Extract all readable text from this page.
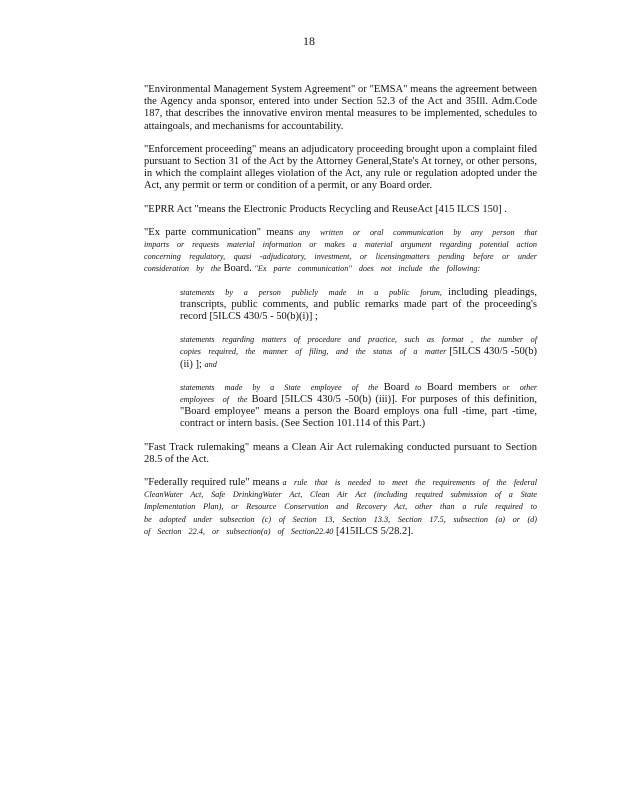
18

"Environmental Management System Agreement" or "EMSA" means the agreement between the Agency anda sponsor, entered into under Section 52.3 of the Act and 35Ill. Adm.Code 187, that describes the innovative environ mental measures to be implemented, schedules to attaingoals, and mechanisms for accountability.

"Enforcement proceeding" means an adjudicatory proceeding brought upon a complaint filed pursuant to Section 31 of the Act by the Attorney General,State's At torney, or other persons, in which the complaint alleges violation of the Act, any rule or regulation adopted under the Act, any permit or term or condition of a permit, or any Board order.

"EPRR Act "means the Electronic Products Recycling and ReuseAct [415 ILCS 150] .

"Ex parte communication" means any written or oral communication by any person that imparts or requests material information or makes a material argument regarding potential action concerning regulatory, quasi -adjudicatory, investment, or licensingmatters pending before or under consideration by the Board. "Ex parte communication" does not include the following:

statements by a person publicly made in a public forum, including pleadings, transcripts, public comments, and public remarks made part of the proceeding's record [5ILCS 430/5 - 50(b)(i)] ;

statements regarding matters of procedure and practice, such as format , the number of copies required, the manner of filing, and the status of a matter [5ILCS 430/5 -50(b)(ii) ]; and

statements made by a State employee of the Board to Board members or other employees of the Board [5ILCS 430/5 -50(b) (iii)]. For purposes of this definition, "Board employee" means a person the Board employs ona full -time, part -time, contract or intern basis. (See Section 101.114 of this Part.)

"Fast Track rulemaking" means a Clean Air Act rulemaking conducted pursuant to Section 28.5 of the Act.

"Federally required rule" means a rule that is needed to meet the requirements of the federal CleanWater Act, Safe DrinkingWater Act, Clean Air Act (including required submission of a State Implementation Plan), or Resource Conservation and Recovery Act, other than a rule required to be adopted under subsection (c) of Section 13, Section 13.3, Section 17.5, subsection (a) or (d) of Section 22.4, or subsection(a) of Section22.40 [415ILCS 5/28.2].
